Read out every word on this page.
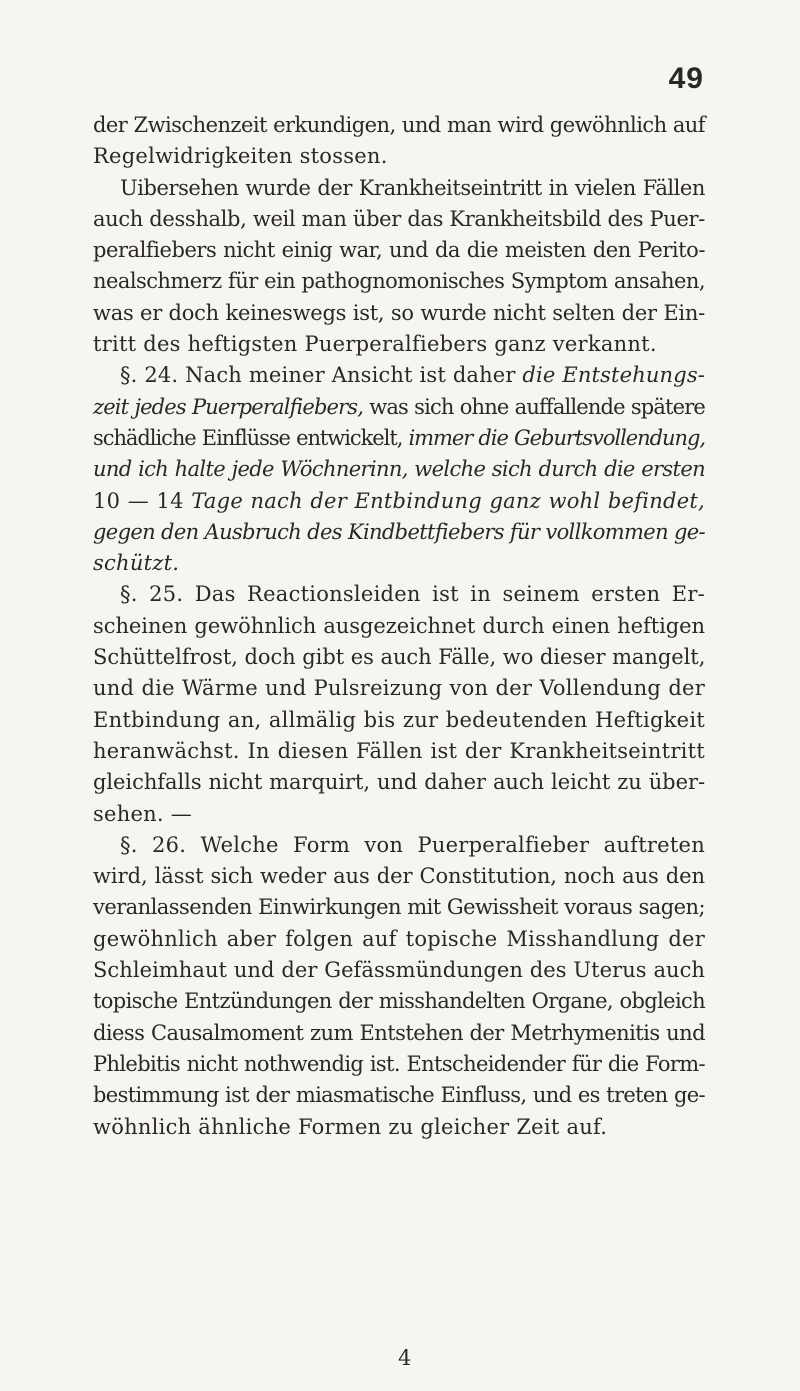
49

der Zwischenzeit erkundigen, und man wird gewöhnlich auf
Regelwidrigkeiten stossen.

Uibersehen wurde der Krankheitseintritt in vielen Fällen
auch desshalb, weil man über das Krankheitsbild des Puer-
peralfiebers nicht einig war, und da die meisten den Perito-
nealschmerz für ein pathognomonisches Symptom ansahen,
was er doch keineswegs ist, so wurde nicht selten der Ein-
tritt des heftigsten Puerperalfiebers ganz verkannt.

§. 24. Nach meiner Ansicht ist daher die Entstehungs-
zeit jedes Puerperalfiebers, was sich ohne auffallende spätere
schädliche Einflüsse entwickelt, immer die Geburtsvollendung,
und ich halte jede Wöchnerinn, welche sich durch die ersten
10 — 14 Tage nach der Entbindung ganz wohl befindet,
gegen den Ausbruch des Kindbettfiebers für vollkommen ge-
schützt.

§. 25. Das Reactionsleiden ist in seinem ersten Er-
scheinen gewöhnlich ausgezeichnet durch einen heftigen
Schüttelfrost, doch gibt es auch Fälle, wo dieser mangelt,
und die Wärme und Pulsreizung von der Vollendung der
Entbindung an, allmälig bis zur bedeutenden Heftigkeit
heranwächst. In diesen Fällen ist der Krankheitseintritt
gleichfalls nicht marquirt, und daher auch leicht zu über-
sehen. —

§. 26. Welche Form von Puerperalfieber auftreten
wird, lässt sich weder aus der Constitution, noch aus den
veranlassenden Einwirkungen mit Gewissheit voraus sagen;
gewöhnlich aber folgen auf topische Misshandlung der
Schleimhaut und der Gefässmündungen des Uterus auch
topische Entzündungen der misshandelten Organe, obgleich
diess Causalmoment zum Entstehen der Metrhymenitis und
Phlebitis nicht nothwendig ist. Entscheidender für die Form-
bestimmung ist der miasmatische Einfluss, und es treten ge-
wöhnlich ähnliche Formen zu gleicher Zeit auf.

4
